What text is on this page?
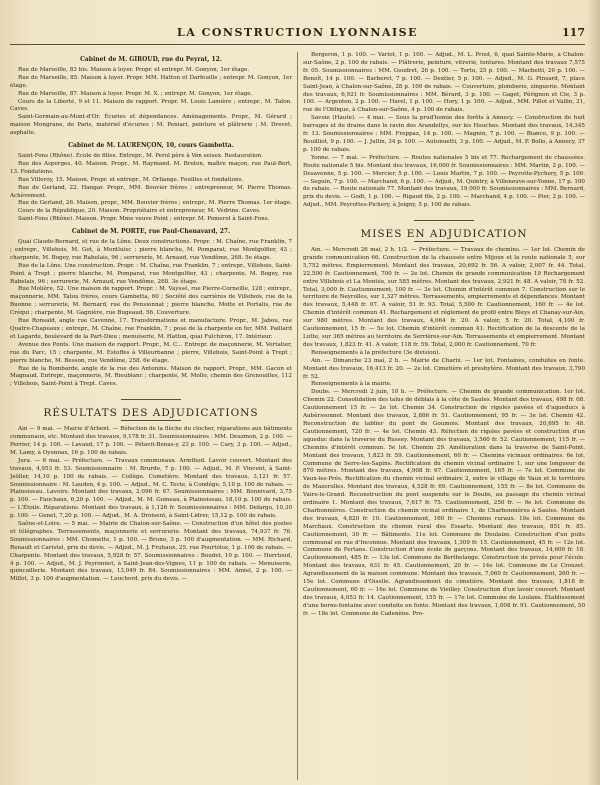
LA CONSTRUCTION LYONNAISE	117

Cabinet de M. GIROUD, rue du Peyrat, 12.

Rue de Marseille, 83 bis. Maison à loyer. Propr. et entrepr. M. Gonyon, 1er étage.

Rue de Marseille, 85. Maison à loyer. Propr. MM. Hatton et Darfeuille ; entrepr. M. Gonyon, 1er étage.

Rue de Marseille, 87. Maison à loyer. Propr. M. X. ; entrepr. M. Gonyon, 1er étage.

Cours de la Liberté, 9 et 11. Maison de rapport. Propr. M. Louis Lamière ; entrepr., M. Tafon. Caves.

Saint-Germain-au-Mont-d'Or. Écuries et dépendances. Aménagements. Propr., M. Gérard ; maison Mongrane, de Paris, matériel d'écuries ; M. Peniari, peinture et plâtrerie ; M. Drevet, asphalte.

Cabinet de M. LAURENÇON, 10, cours Gambetta.

Saint-Fons (Rhône). École de filles. Entrepr., M. Perol père à Vén seisex. Restauration.

Rue des Asperges, 40. Maison. Propr., M. Raymand. M. Breton, maître maçon, rue Paul-Bert, 13. Fondations.

Rue Villeroy, 15. Maison. Propr. et entrepr., M. Orliange. Fouilles et fondations.

Rue de Gerland, 22. Hangar. Propr., MM. Bouvier frères ; entrepreneur, M. Pierre Thomas. Achèvement.

Rue de Gerland, 26. Maison, propr., MM. Bouvier frères ; entrepr., M. Pierre Thomas. 1er étage.

Cours de la République, 20. Maison. Propriétaire et entrepreneur, M. Védrine. Caves.

Saint-Fons (Rhône). Maison. Propr. Mme veuve Point ; entrepr. M. Pomerol à Saint-Fons.

Cabinet de M. PORTE, rue Paul-Chenavard, 27.

Quai Claude-Bernard, et rue de la Lône. Deux constructions. Propr. : M. Chaîne, rue Franklin, 7 ; entrepr., Villebois, M. Got, à Montluisc ; pierre blanche, M. Pomparat, rue Montgolfier, 43 ; charpente, M. Bogey, rue Rabelais, 96 ; serrurerie, M. Arnaud, rue Vendôme, 268. 5e étage.

Rue de la Lône. Une construction. Propr. : M. Chaîne, rue Franklin, 7 ; entrepr., Villebois, Saint-Point à Trept ; pierre blanche, M. Pomparat, rue Montgolfier, 43 ; charpente, M. Bogey, rue Rabelais, 96 ; serrurerie, M. Arnaud, rue Vendôme, 268. 3e étage.

Rue Molière, 52. Une maison de rapport. Propr. : M. Vayssé, rue Pierre-Corneille, 128 ; entrepr., maçonnerie, MM. Tatou frères, cours Gambetta, 60 ; Société des carrières de Villebois, rue de la Buonne ; serrurerie, M. Bernard, rue du Pensionnat ; pierre blanche, Motte et Portalis, rue de Créqui ; charpente, M. Gagnière, rue Bugeaud, 56. Couverture.

Rue Ronsald, angle rue Cavenne, 17. Transformations et manufacture. Propr., M. Jabou, rue Quatre-Chapeaux ; entrepr., M. Chaîne, rue Franklin, 7 ; pose de la charpente en fer, MM. Paillard et Lagarde, boulevard de la Part-Dieu ; menuiserie, M. Hatton, quai Fulchiron, 17. Intérieur.

Avenue des Ponts. Une maison de rapport. Propr., M. C... Entrepr. de maçonnerie, M. Vertatier, rue du Parc, 15 ; charpente, M. Estoffes à Villeurbanne ; pierre, Villebois, Saint-Point à Trept ; pierre blanche, M. Besson, rue Vendôme, 258. 6e étage.

Rue de la Bombarde, angle de la rue des Antonins. Maison de rapport. Propr., MM. Gacon et Magnaud. Entrepr., maçonnerie, M. Rieublanc ; charpente, M. Mollo, chemin des Grenouilles, 112 ; Villebois, Saint-Point à Trept. Caves.

RÉSULTATS DES ADJUDICATIONS

Ain — 9 mai. — Mairie d'Arbent. — Réfection de la flèche du clocher, réparations aux bâtiments communaux, etc. Montant des travaux, 9,178 fr. 31. Soumissionnaires : MM. Deuzmon, 2 p. 100. — Perrier, 14 p. 100. — Lavaud, 17 p. 100. — Pétavit-Benas-y, 23 p. 100. — Cary, 3 p. 100. — Adjud., M. Lamy, à Oyonnax, 16 p. 100 de rabais.

Jura. — 6 mai. — Préfecture. — Travaux communaux. Armthod. Lavoir couvert. Montant des travaux, 4,953 fr. 53. Soumissionnaire : M. Brurde, 7 p. 100. — Adjud., M. P. Vincent, à Saint-Jeôller, 14,10 p. 100 de rabais. — Collège. Cometière. Montant des travaux, 3,121 fr. 57. Soumissionnaire : M. Lauden, 4 p. 100. — Adjud., M. C. Tecte, à Condège, 5,10 p. 100 de rabais. — Plainoiseau. Lavoirs. Montant des travaux, 2,096 fr. 67. Soumissionnaires : MM. Bonnivard, 3,75 p. 100. — Fauchaux, 6,20 p. 100. — Adjud., M. M. Gomeau, à Plainoiseau, 18,10 p. 100 de rabais. — L'Étoile. Réparations. Montant des travaux, à 1,126 fr. Soumissionnaires : MM. Defargo, 10,30 p. 100. — Genet, 7,20 p. 100. — Adjud., M. A. Droisent, à Saint-Lidrer, 15,12 p. 100 de rabais.

Saône-et-Loire. — 5 mai. — Mairie de Chalon-sur-Saône. — Construction d'un hôtel des postes et télégraphes. Terrassements, maçonnerie et serrurerie. Montant des travaux, 74,937 fr. 76. Soumissionnaires : MM. Chomette, 1 p. 100. — Bruno, 3 p. 100 d'augmentation. — MM. Richard, Renault et Caristel, prix du devis. — Adjud., M. J. Fruhaux, 25, rue Pourtoloz, 1 p. 100 de rabais. — Charpente. Montant des travaux, 5,928 fr. 57. Soumissionnaires : Boudet, 10 p. 100. — Herrtoud, 4 p. 100. — Adjud., M. J. Peyronnet, à Saint-Jean-des-Vignes, 11 p. 100 de rabais. — Menuiserie, quincaillerie. Montant des travaux, 13,049 fr. 84. Soumissionnaires : MM. Amiel, 2 p. 100. — Millot, 3 p. 100 d'augmentation. — Louchord, prix du devis. —

Bergeron, 1 p. 100. — Variot, 1 p. 100. — Adjud., M. L. Prost, 6, quai Sainte-Marie, à Chalon-sur-Saône, 2 p. 100 de rabais. — Plâtrerie, peinture, vitrerie, tentures. Montant des travaux 7,575 fr. 05. Soumissionnaires : MM. Goudret, 26 p. 100. — Tortu, 25 p. 100. — Machetti, 20 p. 100. — Benoît, 14 p. 100. — Barberet, 7 p. 100. — Dextier, 5 p. 100. — Adjud., M. G. Pinsard, 7, place Saint-Jean, à Chalon-sur-Saône, 28 p. 100 de rabais. — Couverture, plomberie, zinguerie. Montant des travaux, 6,921 fr. Soumissionnaires : MM. Bérard, 3 p. 100. — Gaget, Pérignon et Cie, 3 p. 100. — Argenton, 2 p. 100. — Harel, 1 p. 100. — Hory, 1 p. 100. — Adjud., MM. Pillot et Vallin, 21, rue de l'Oblique, à Chalon-sur-Saône, 4 p. 100 de rabais.

Savoie (Haute). — 4 mai. — Sous la prud'homie des forêts à Annecy. — Construction de huit barrages et de drains dans le ravin des Arandellys, sur les Houches. Montant des travaux, 14,345 fr. 13. Soumissionnaires : MM. Freppaz, 14 p. 100. — Magnin, 7 p. 100. — Bianco, 9 p. 100. — Bouilliot, 9 p. 100. — J. Jullin, 34 p. 100. — Autonuetti, 3 p. 100. — Adjud., M. P. Bollo, à Annecy, 37 p. 100 de rabais.

Yonne. — 7 mai. — Préfecture. — Routes nationales 5 bis et 77. Rechargement de chaussées. Route nationale 5 bis. Montant des travaux, 16,000 fr. Soumissionnaires : MM. Martin, 2 p. 100. — Desavenne, 5 p. 100. — Mercier, 5 p. 100. — Louis Martin, 7 p. 100. — Peyrotte-Pychery, 5 p. 100. — Seguin, 7 p. 100. — Marchand, 6 p. 100. — Adjud., M. Quintry, à Villeneuve-sur-Yonne, 17 p. 100 de rabais. — Route nationale 77. Montant des travaux, 19,000 fr. Soumissionnaires : MM. Bernard, prix du devis. — Godt, 1 p. 100. — Rigaud fils, 2 p. 100. — Marchand, 4 p. 100. — Pier, 2 p. 100. — Adjud., MM. Peyrottes-Pichery, à Joigny, 5 p. 100 de rabais.

MISES EN ADJUDICATION

Ain. — Mercredi 26 mai, 2 h. 1/2. — Préfecture. — Travaux de chemins. — 1er lot. Chemin de grande communication 66. Construction de la chaussée entre Mijoux et la route nationale 5, sur 5,752 mètres. Empierrement. Montant des travaux, 20,692 fr. 56. A valoir, 2,007 fr. 44. Total, 22,500 fr. Cautionnement, 700 fr. — 2e lot. Chemin de grande communication 19 Rechargement entre Villebois et La Montée, sur 585 mètres. Montant des travaux, 2,921 fr. 48. A valoir, 78 fr. 52. Total, 3,000 fr. Cautionnement, 100 fr. — 3e lot. Chemin d'intérêt commun 7. Construction sur le territoire de Neyrolles, sur 1,327 mètres. Terrassements, empierrements et dépendances. Montant des travaux, 5,448 fr. 07. A valoir, 51 fr. 93. Total, 5,500 fr. Cautionnement, 160 fr. — 4e lot. Chemin d'intérêt commun 41. Rechargement et réglement de profil entre Bleys et Chanay-sur-Ain, sur 980 mètres. Montant des travaux, 4,064 fr. 20. A valoir, 5 fr. 20. Total, 4,100 fr. Cautionnement, 15 fr. — 5e lot. Chemin d'intérêt commun 41. Rectification de la descente de la Lutte, sur 365 mètres au territoire de Serrières-sur-Ain. Terrassements et empierrement. Montant des travaux, 1,823 fr. 41. A valoir, 118 fr. 59. Total, 2,000 fr. Cautionnement, 70 fr.

Renseignements à la préfecture (3e division).

Ain. — Dimanche 23 mai, 2 h. — Mairie de Charix. — 1er lot. Fontaines, conduites en fonte. Montant des travaux, 16,413 fr. 20. — 2e lot. Cimetière et presbytère. Montant des travaux, 3,790 fr. 52.

Renseignements à la mairie.

Doubs. — Mercredi 2 juin, 10 h. — Préfecture. — Chemin de grande communication. 1er lot. Chemin 22. Consolidation des talus de déblais à la côte de Saules. Montant des travaux, 498 fr. 08. Cautionnement 15 fr. — 2e lot. Chemin 34. Construction de rigoles pavées et d'aqueducs à Aubèrssonnet. Montant des travaux, 2,886 fr. 51. Cautionnement, 95 fr. — 3e lot. Chemin 42. Reconstruction du tablier du pont de Goumois. Montant des travaux, 20,695 fr. 48. Cautionnement, 720 fr. — 4e lot. Chemin 43. Réfection de rigoles pavées et construction d'un aqueduc dans la traverse du Russey. Montant des travaux, 3,560 fr. 52. Cautionnement, 115 fr. — Chemins d'intérêt commun. 5e lot. Chemin 29. Amélioration dans la traverse de Saint-Point. Montant des travaux, 1,823 fr. 59. Cautionnement, 60 fr. — Chemins vicinaux ordinaires. 6e lot. Commune de Serre-les-Sapins. Rectification du chemin vicinal ordinaire 1, sur une longueur de 870 mètres. Montant des travaux, 4,908 fr. 67. Cautionnement, 165 fr. — 7e lot. Commune de Vaux-les-Prés. Rectification du chemin vicinal ordinaire 2, entre le village de Vaux et le territoire de Mazerolles. Montant des travaux, 4,528 fr. 69. Cautionnement, 155 fr. — 8e lot. Commune de Vaire-le-Grand. Reconstruction du pont suspendu sur le Doubs, au passage du chemin vicinal ordinaire 1. Montant des travaux, 7,617 fr. 75. Cautionnement, 250 fr. — 9e lot. Commune de Charbonnières. Construction du chemin vicinal ordinaire 1, de Charbonnières à Saules. Montant des travaux, 4,820 fr. 10. Cautionnement, 160 fr. — Chemins ruraux. 10e lot. Commune de Marchaux. Construction du chemin rural des Essarts. Montant des travaux, 851 fr. 85. Cautionnement, 30 fr. — Bâtiments. 11e lot. Commune de Doulaize. Construction d'un puits communal en rue d'Inconnue. Montant des travaux, 1,309 fr. 15. Cautionnement, 45 fr. — 12e lot. Commune de Fertans. Construction d'une école de garçons. Montant des travaux, 14,600 fr. 18. Cautionnement, 485 fr. — 13e lot. Commune de Berthelange. Construction de privés pour l'école. Montant des travaux, 631 fr. 45. Cautionnement, 20 fr. — 14e lot. Commune de Le Crouzet. Agrandissement de la maison commune. Montant des travaux, 7,060 fr. Cautionnement, 260 fr. — 15e lot. Commune d'Oiselle. Agrandissement du cimetière. Montant des travaux, 1,818 fr. Cautionnement, 60 fr. — 16e lot. Commune de Vieilley. Construction d'un lavoir couvert. Montant des travaux, 4,053 fr. 14. Cautionnement, 155 fr. — 17e lot. Commune de Loulans. Établissement d'une borne-fontaine avec conduite en fonte. Montant des travaux, 1,008 fr. 91. Cautionnement, 50 fr. — 18e lot. Commune de Cadenène. Pro-
